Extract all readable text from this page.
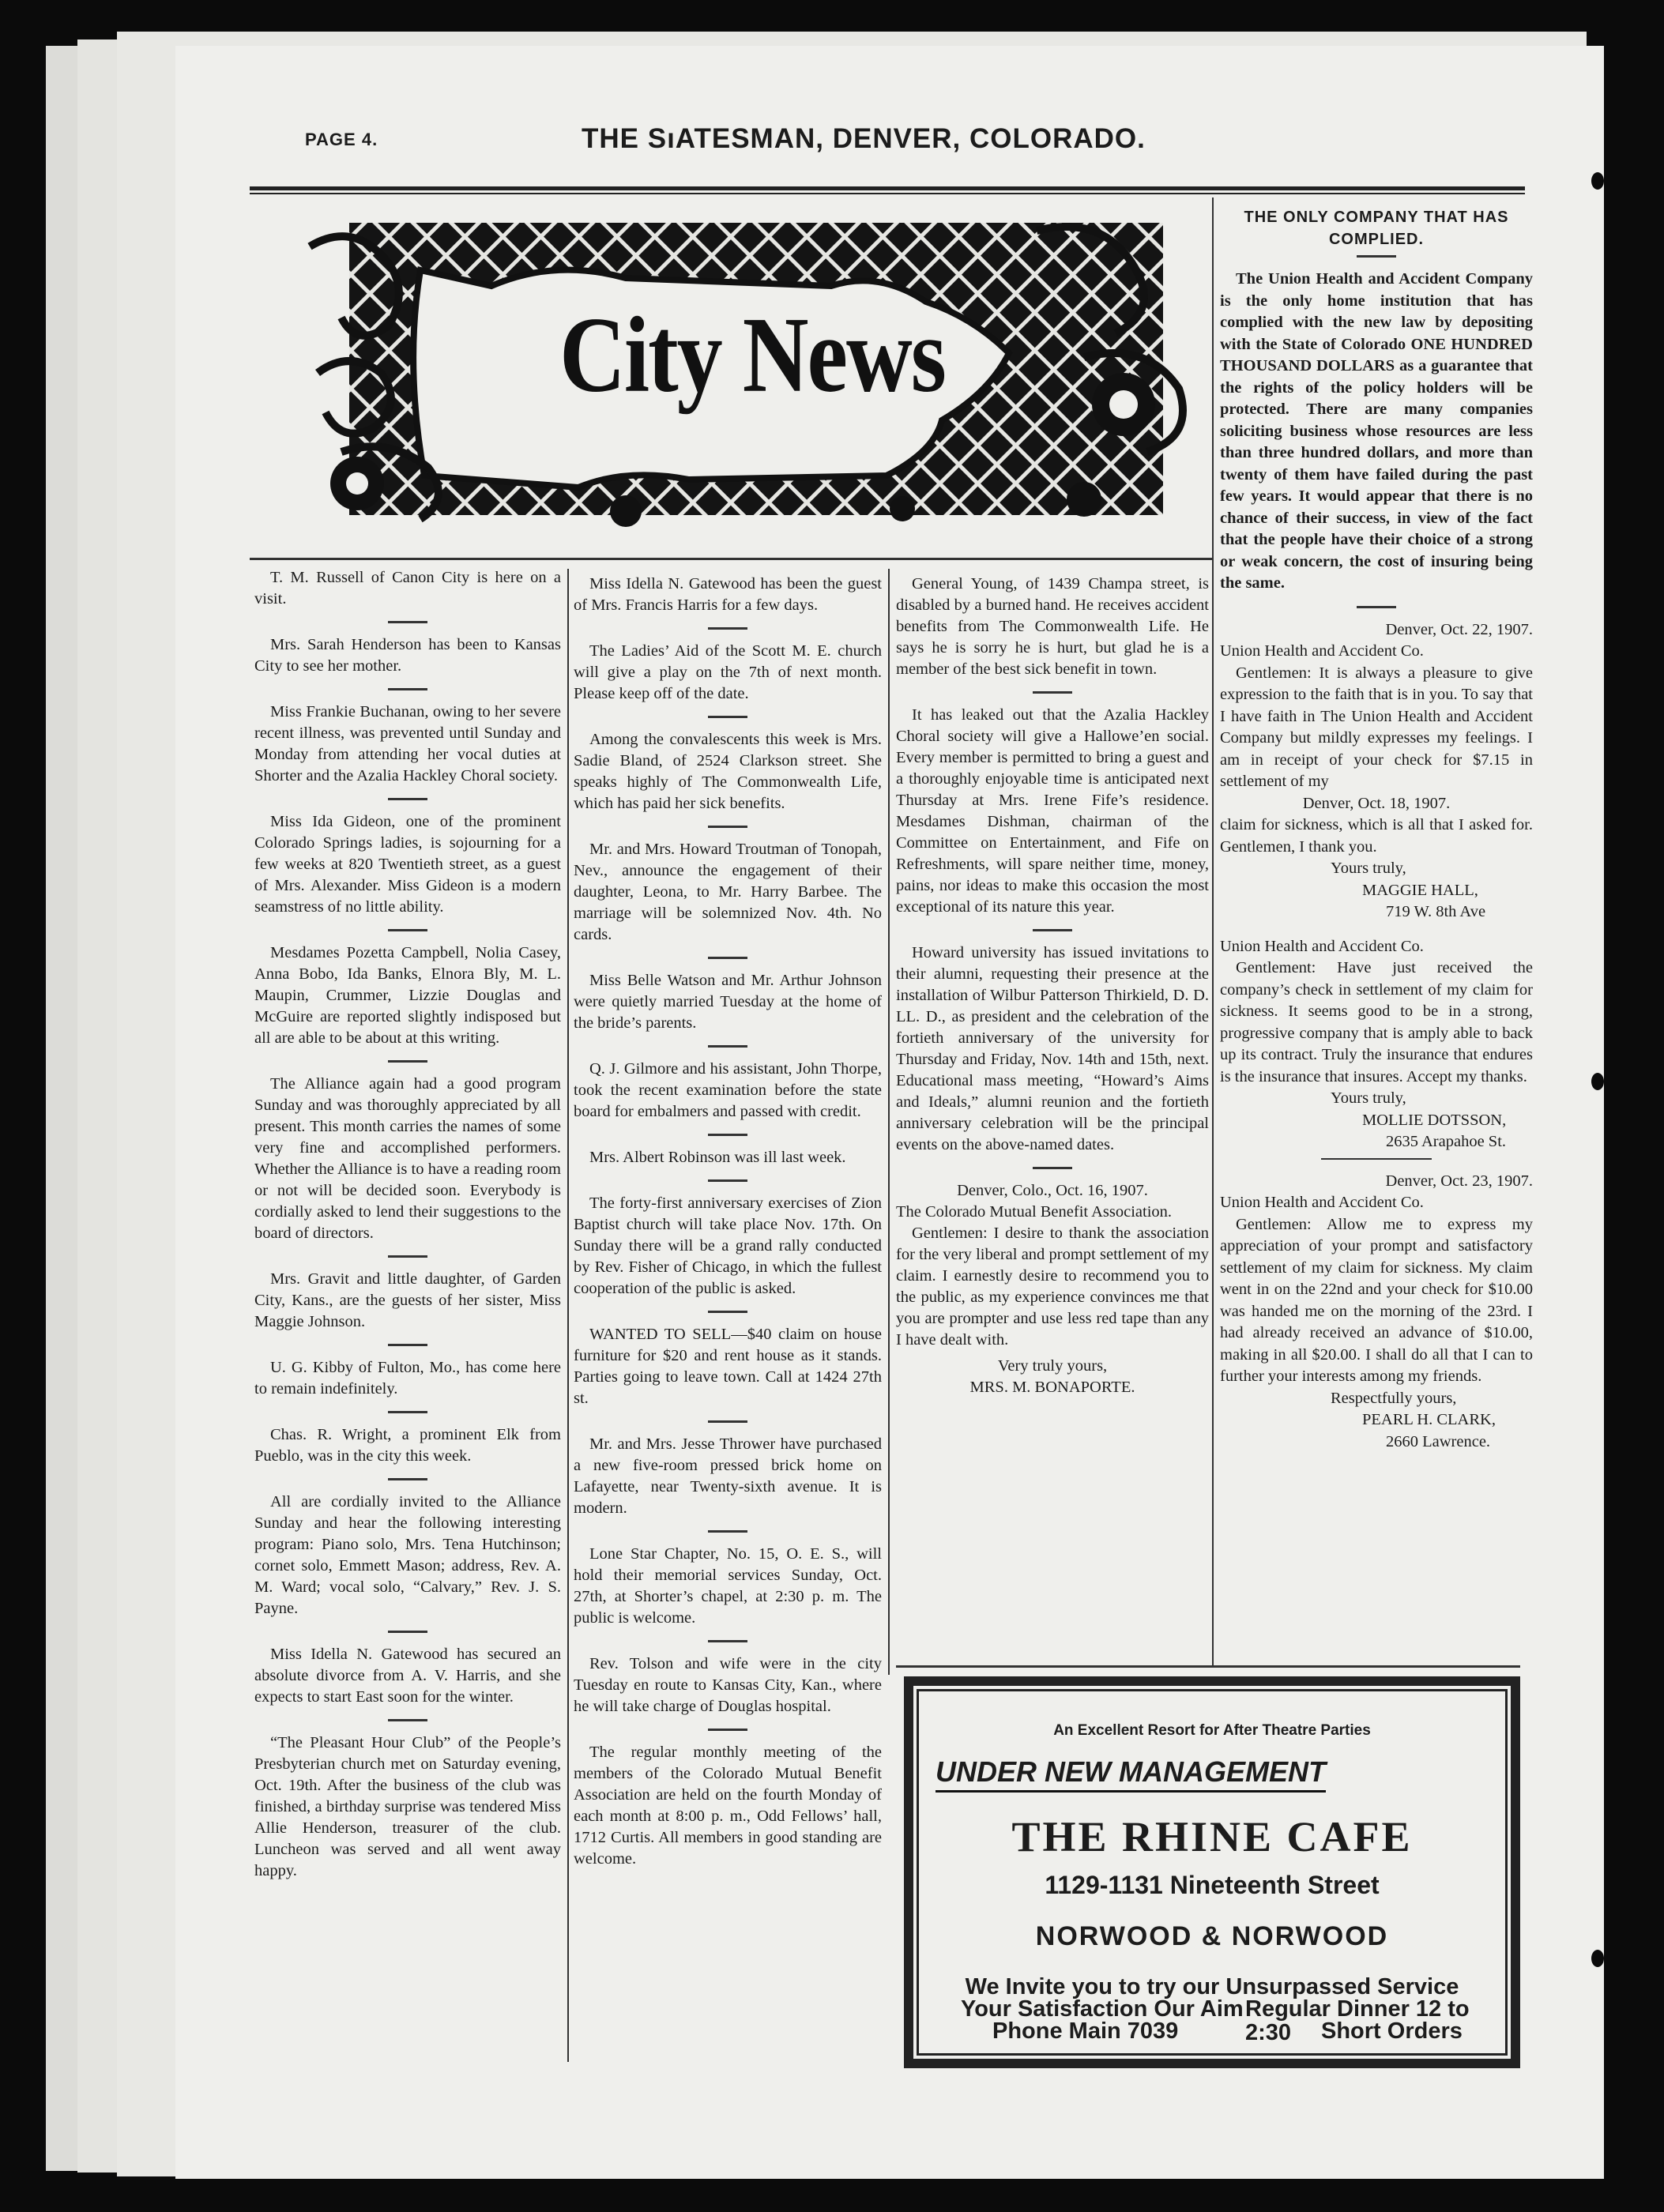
PAGE 4.	THE SıATESMAN, DENVER, COLORADO.
City News

T. M. Russell of Canon City is here on a visit.

Mrs. Sarah Henderson has been to Kansas City to see her mother.

Miss Frankie Buchanan, owing to her severe recent illness, was prevented until Sunday and Monday from attending her vocal duties at Shorter and the Azalia Hackley Choral society.

Miss Ida Gideon, one of the prominent Colorado Springs ladies, is sojourning for a few weeks at 820 Twentieth street, as a guest of Mrs. Alexander. Miss Gideon is a modern seamstress of no little ability.

Mesdames Pozetta Campbell, Nolia Casey, Anna Bobo, Ida Banks, Elnora Bly, M. L. Maupin, Crummer, Lizzie Douglas and McGuire are reported slightly indisposed but all are able to be about at this writing.

The Alliance again had a good program Sunday and was thoroughly appreciated by all present. This month carries the names of some very fine and accomplished performers. Whether the Alliance is to have a reading room or not will be decided soon. Everybody is cordially asked to lend their suggestions to the board of directors.

Mrs. Gravit and little daughter, of Garden City, Kans., are the guests of her sister, Miss Maggie Johnson.

U. G. Kibby of Fulton, Mo., has come here to remain indefinitely.

Chas. R. Wright, a prominent Elk from Pueblo, was in the city this week.

All are cordially invited to the Alliance Sunday and hear the following interesting program: Piano solo, Mrs. Tena Hutchinson; cornet solo, Emmett Mason; address, Rev. A. M. Ward; vocal solo, “Calvary,” Rev. J. S. Payne.

Miss Idella N. Gatewood has secured an absolute divorce from A. V. Harris, and she expects to start East soon for the winter.

“The Pleasant Hour Club” of the People’s Presbyterian church met on Saturday evening, Oct. 19th. After the business of the club was finished, a birthday surprise was tendered Miss Allie Henderson, treasurer of the club. Luncheon was served and all went away happy.

Miss Idella N. Gatewood has been the guest of Mrs. Francis Harris for a few days.

The Ladies’ Aid of the Scott M. E. church will give a play on the 7th of next month. Please keep off of the date.

Among the convalescents this week is Mrs. Sadie Bland, of 2524 Clarkson street. She speaks highly of The Commonwealth Life, which has paid her sick benefits.

Mr. and Mrs. Howard Troutman of Tonopah, Nev., announce the engagement of their daughter, Leona, to Mr. Harry Barbee. The marriage will be solemnized Nov. 4th. No cards.

Miss Belle Watson and Mr. Arthur Johnson were quietly married Tuesday at the home of the bride’s parents.

Q. J. Gilmore and his assistant, John Thorpe, took the recent examination before the state board for embalmers and passed with credit.

Mrs. Albert Robinson was ill last week.

The forty-first anniversary exercises of Zion Baptist church will take place Nov. 17th. On Sunday there will be a grand rally conducted by Rev. Fisher of Chicago, in which the fullest cooperation of the public is asked.

WANTED TO SELL—$40 claim on house furniture for $20 and rent house as it stands. Parties going to leave town. Call at 1424 27th st.

Mr. and Mrs. Jesse Thrower have purchased a new five-room pressed brick home on Lafayette, near Twenty-sixth avenue. It is modern.

Lone Star Chapter, No. 15, O. E. S., will hold their memorial services Sunday, Oct. 27th, at Shorter’s chapel, at 2:30 p. m. The public is welcome.

Rev. Tolson and wife were in the city Tuesday en route to Kansas City, Kan., where he will take charge of Douglas hospital.

The regular monthly meeting of the members of the Colorado Mutual Benefit Association are held on the fourth Monday of each month at 8:00 p. m., Odd Fellows’ hall, 1712 Curtis. All members in good standing are welcome.

General Young, of 1439 Champa street, is disabled by a burned hand. He receives accident benefits from The Commonwealth Life. He says he is sorry he is hurt, but glad he is a member of the best sick benefit in town.

It has leaked out that the Azalia Hackley Choral society will give a Hallowe’en social. Every member is permitted to bring a guest and a thoroughly enjoyable time is anticipated next Thursday at Mrs. Irene Fife’s residence. Mesdames Dishman, chairman of the Committee on Entertainment, and Fife on Refreshments, will spare neither time, money, pains, nor ideas to make this occasion the most exceptional of its nature this year.

Howard university has issued invitations to their alumni, requesting their presence at the installation of Wilbur Patterson Thirkield, D. D. LL. D., as president and the celebration of the fortieth anniversary of the university for Thursday and Friday, Nov. 14th and 15th, next. Educational mass meeting, “Howard’s Aims and Ideals,” alumni reunion and the fortieth anniversary celebration will be the principal events on the above-named dates.

Denver, Colo., Oct. 16, 1907.

The Colorado Mutual Benefit Association.

Gentlemen: I desire to thank the association for the very liberal and prompt settlement of my claim. I earnestly desire to recommend you to the public, as my experience convinces me that you are prompter and use less red tape than any I have dealt with.

Very truly yours,

MRS. M. BONAPORTE.

THE ONLY COMPANY THAT HAS COMPLIED.

The Union Health and Accident Company is the only home institution that has complied with the new law by depositing with the State of Colorado ONE HUNDRED THOUSAND DOLLARS as a guarantee that the rights of the policy holders will be protected. There are many companies soliciting business whose resources are less than three hundred dollars, and more than twenty of them have failed during the past few years. It would appear that there is no chance of their success, in view of the fact that the people have their choice of a strong or weak concern, the cost of insuring being the same.

Denver, Oct. 22, 1907.

Union Health and Accident Co.

Gentlemen: It is always a pleasure to give expression to the faith that is in you. To say that I have faith in The Union Health and Accident Company but mildly expresses my feelings. I am in receipt of your check for $7.15 in settlement of my

Denver, Oct. 18, 1907.

claim for sickness, which is all that I asked for. Gentlemen, I thank you.

Yours truly,

MAGGIE HALL,

719 W. 8th Ave

Union Health and Accident Co.

Gentlement: Have just received the company’s check in settlement of my claim for sickness. It seems good to be in a strong, progressive company that is amply able to back up its contract. Truly the insurance that endures is the insurance that insures. Accept my thanks.

Yours truly,

MOLLIE DOTSSON,

2635 Arapahoe St.

Denver, Oct. 23, 1907.

Union Health and Accident Co.

Gentlemen: Allow me to express my appreciation of your prompt and satisfactory settlement of my claim for sickness. My claim went in on the 22nd and your check for $10.00 was handed me on the morning of the 23rd. I had already received an advance of $10.00, making in all $20.00. I shall do all that I can to further your interests among my friends.

Respectfully yours,

PEARL H. CLARK,

2660 Lawrence.

An Excellent Resort for After Theatre Parties
UNDER NEW MANAGEMENT
THE RHINE CAFE
1129-1131 Nineteenth Street
NORWOOD & NORWOOD
We Invite you to try our Unsurpassed Service
Your Satisfaction Our Aim Regular Dinner 12 to 2:30
Phone Main 7039	Short Orders
